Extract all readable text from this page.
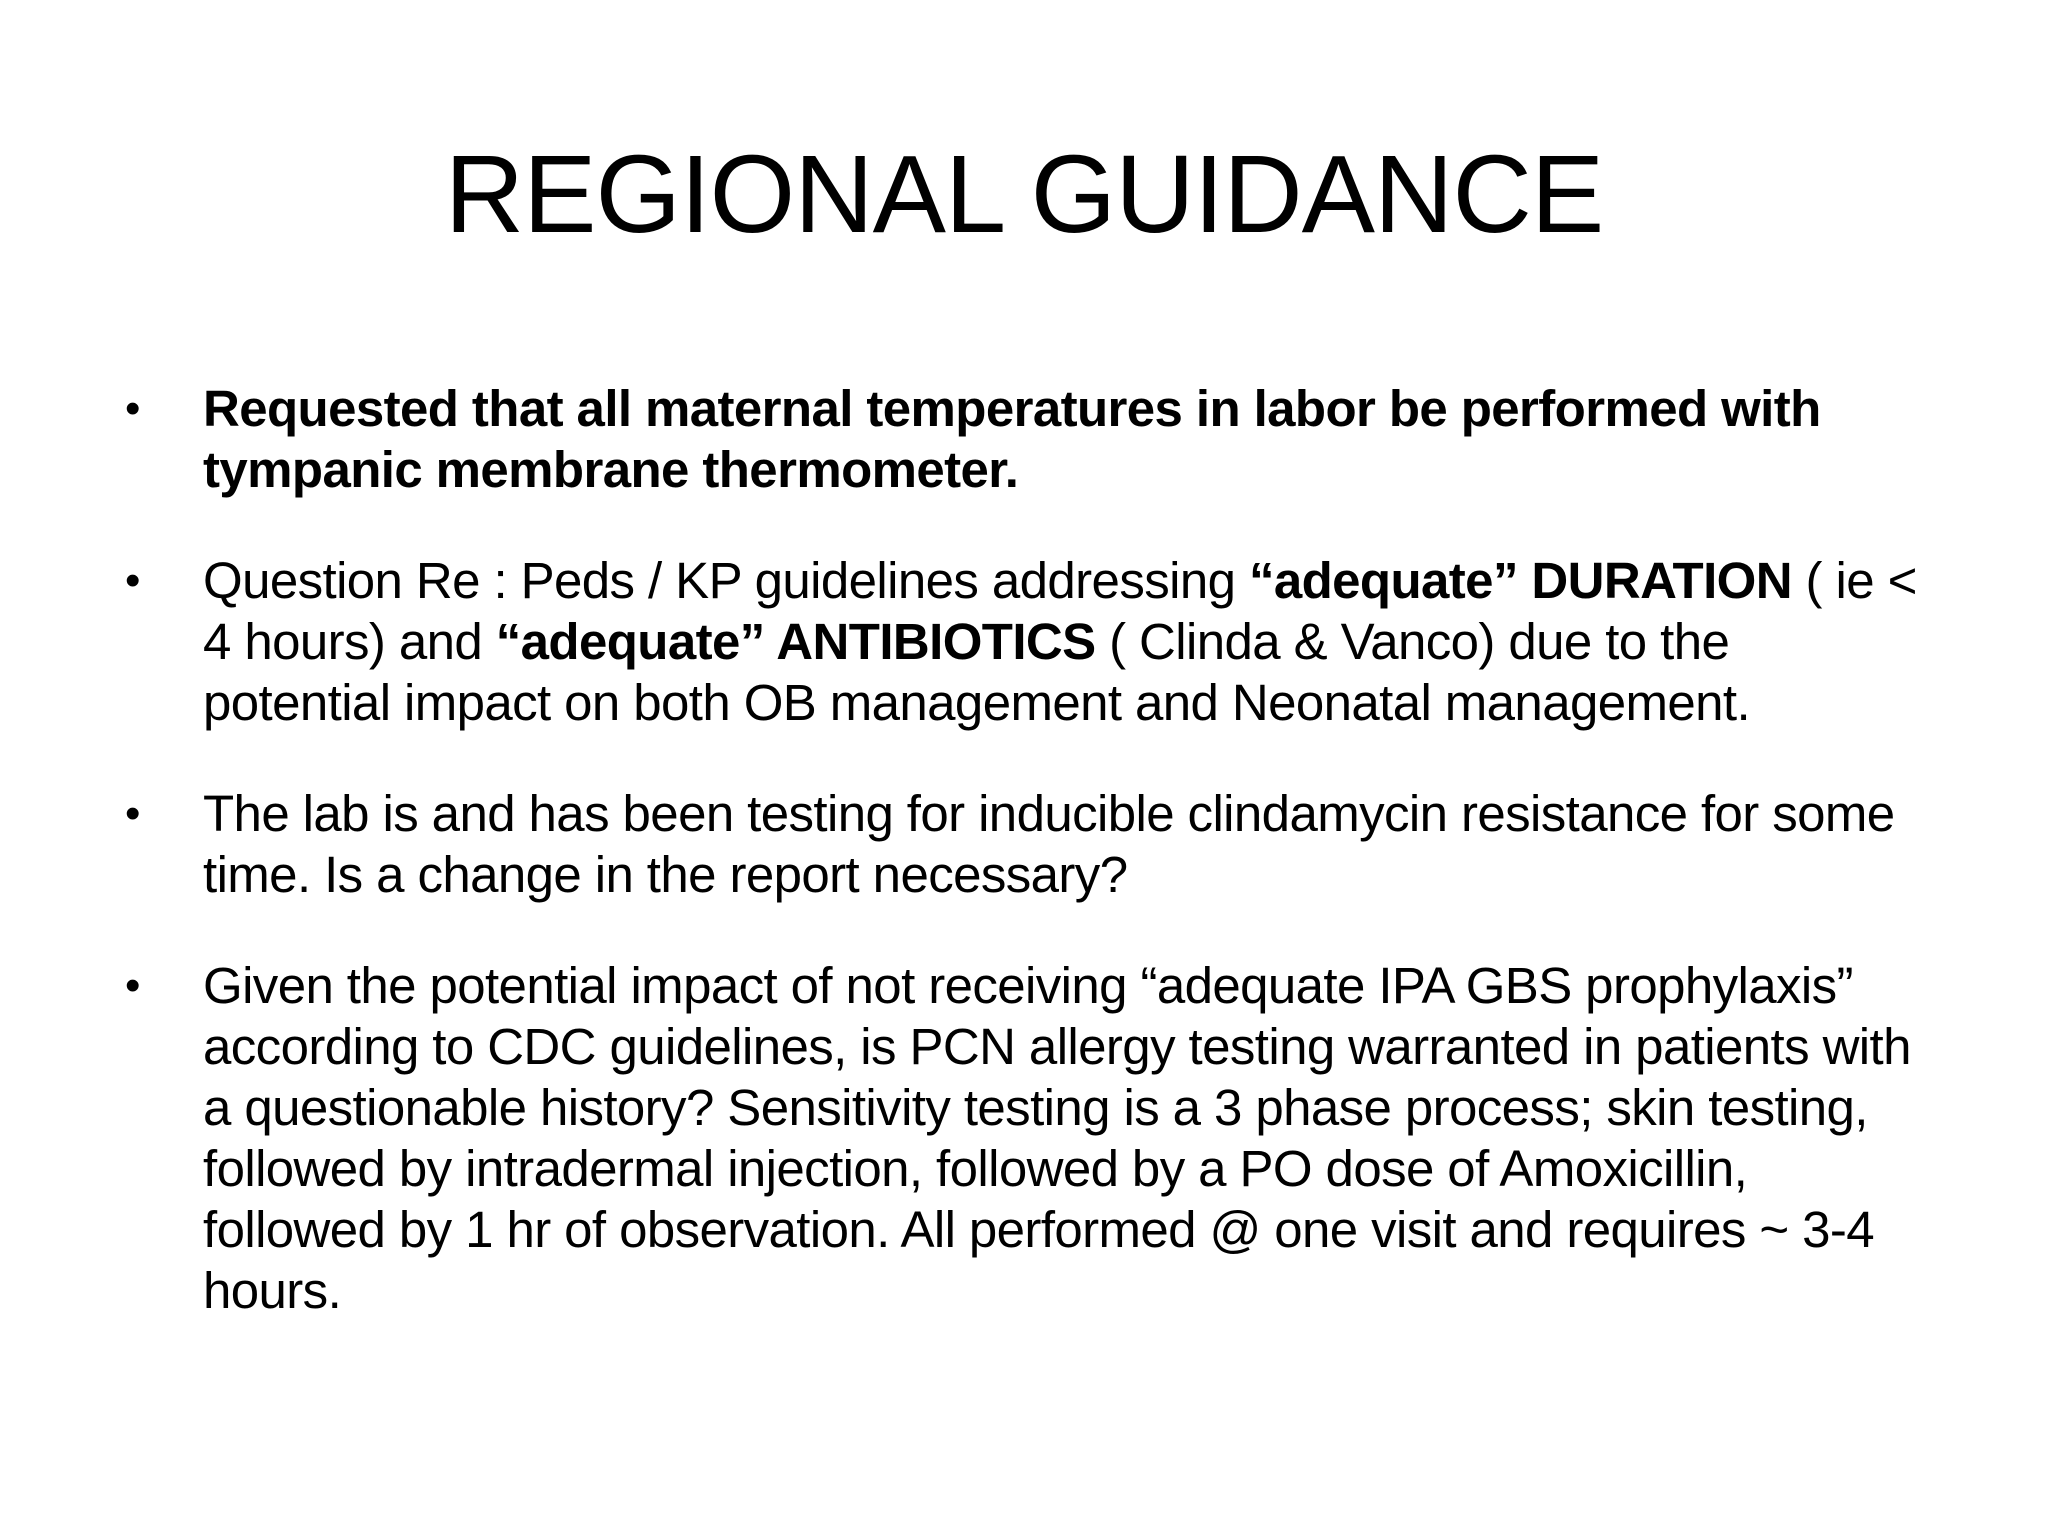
REGIONAL GUIDANCE
•	Requested that all maternal temperatures in labor be performed with tympanic membrane thermometer.
•	Question Re : Peds / KP guidelines addressing “adequate” DURATION ( ie < 4 hours) and “adequate” ANTIBIOTICS ( Clinda & Vanco) due to the potential impact on both OB management and Neonatal management.
•	The lab is and has been testing for inducible clindamycin resistance for some time. Is a change in the report necessary?
•	Given the potential impact of not receiving “adequate IPA GBS prophylaxis” according to CDC guidelines, is PCN allergy testing warranted in patients with a questionable history? Sensitivity testing is a 3 phase process; skin testing, followed by intradermal injection, followed by a PO dose of Amoxicillin, followed by 1 hr of observation. All performed @ one visit and requires ~ 3-4 hours.
